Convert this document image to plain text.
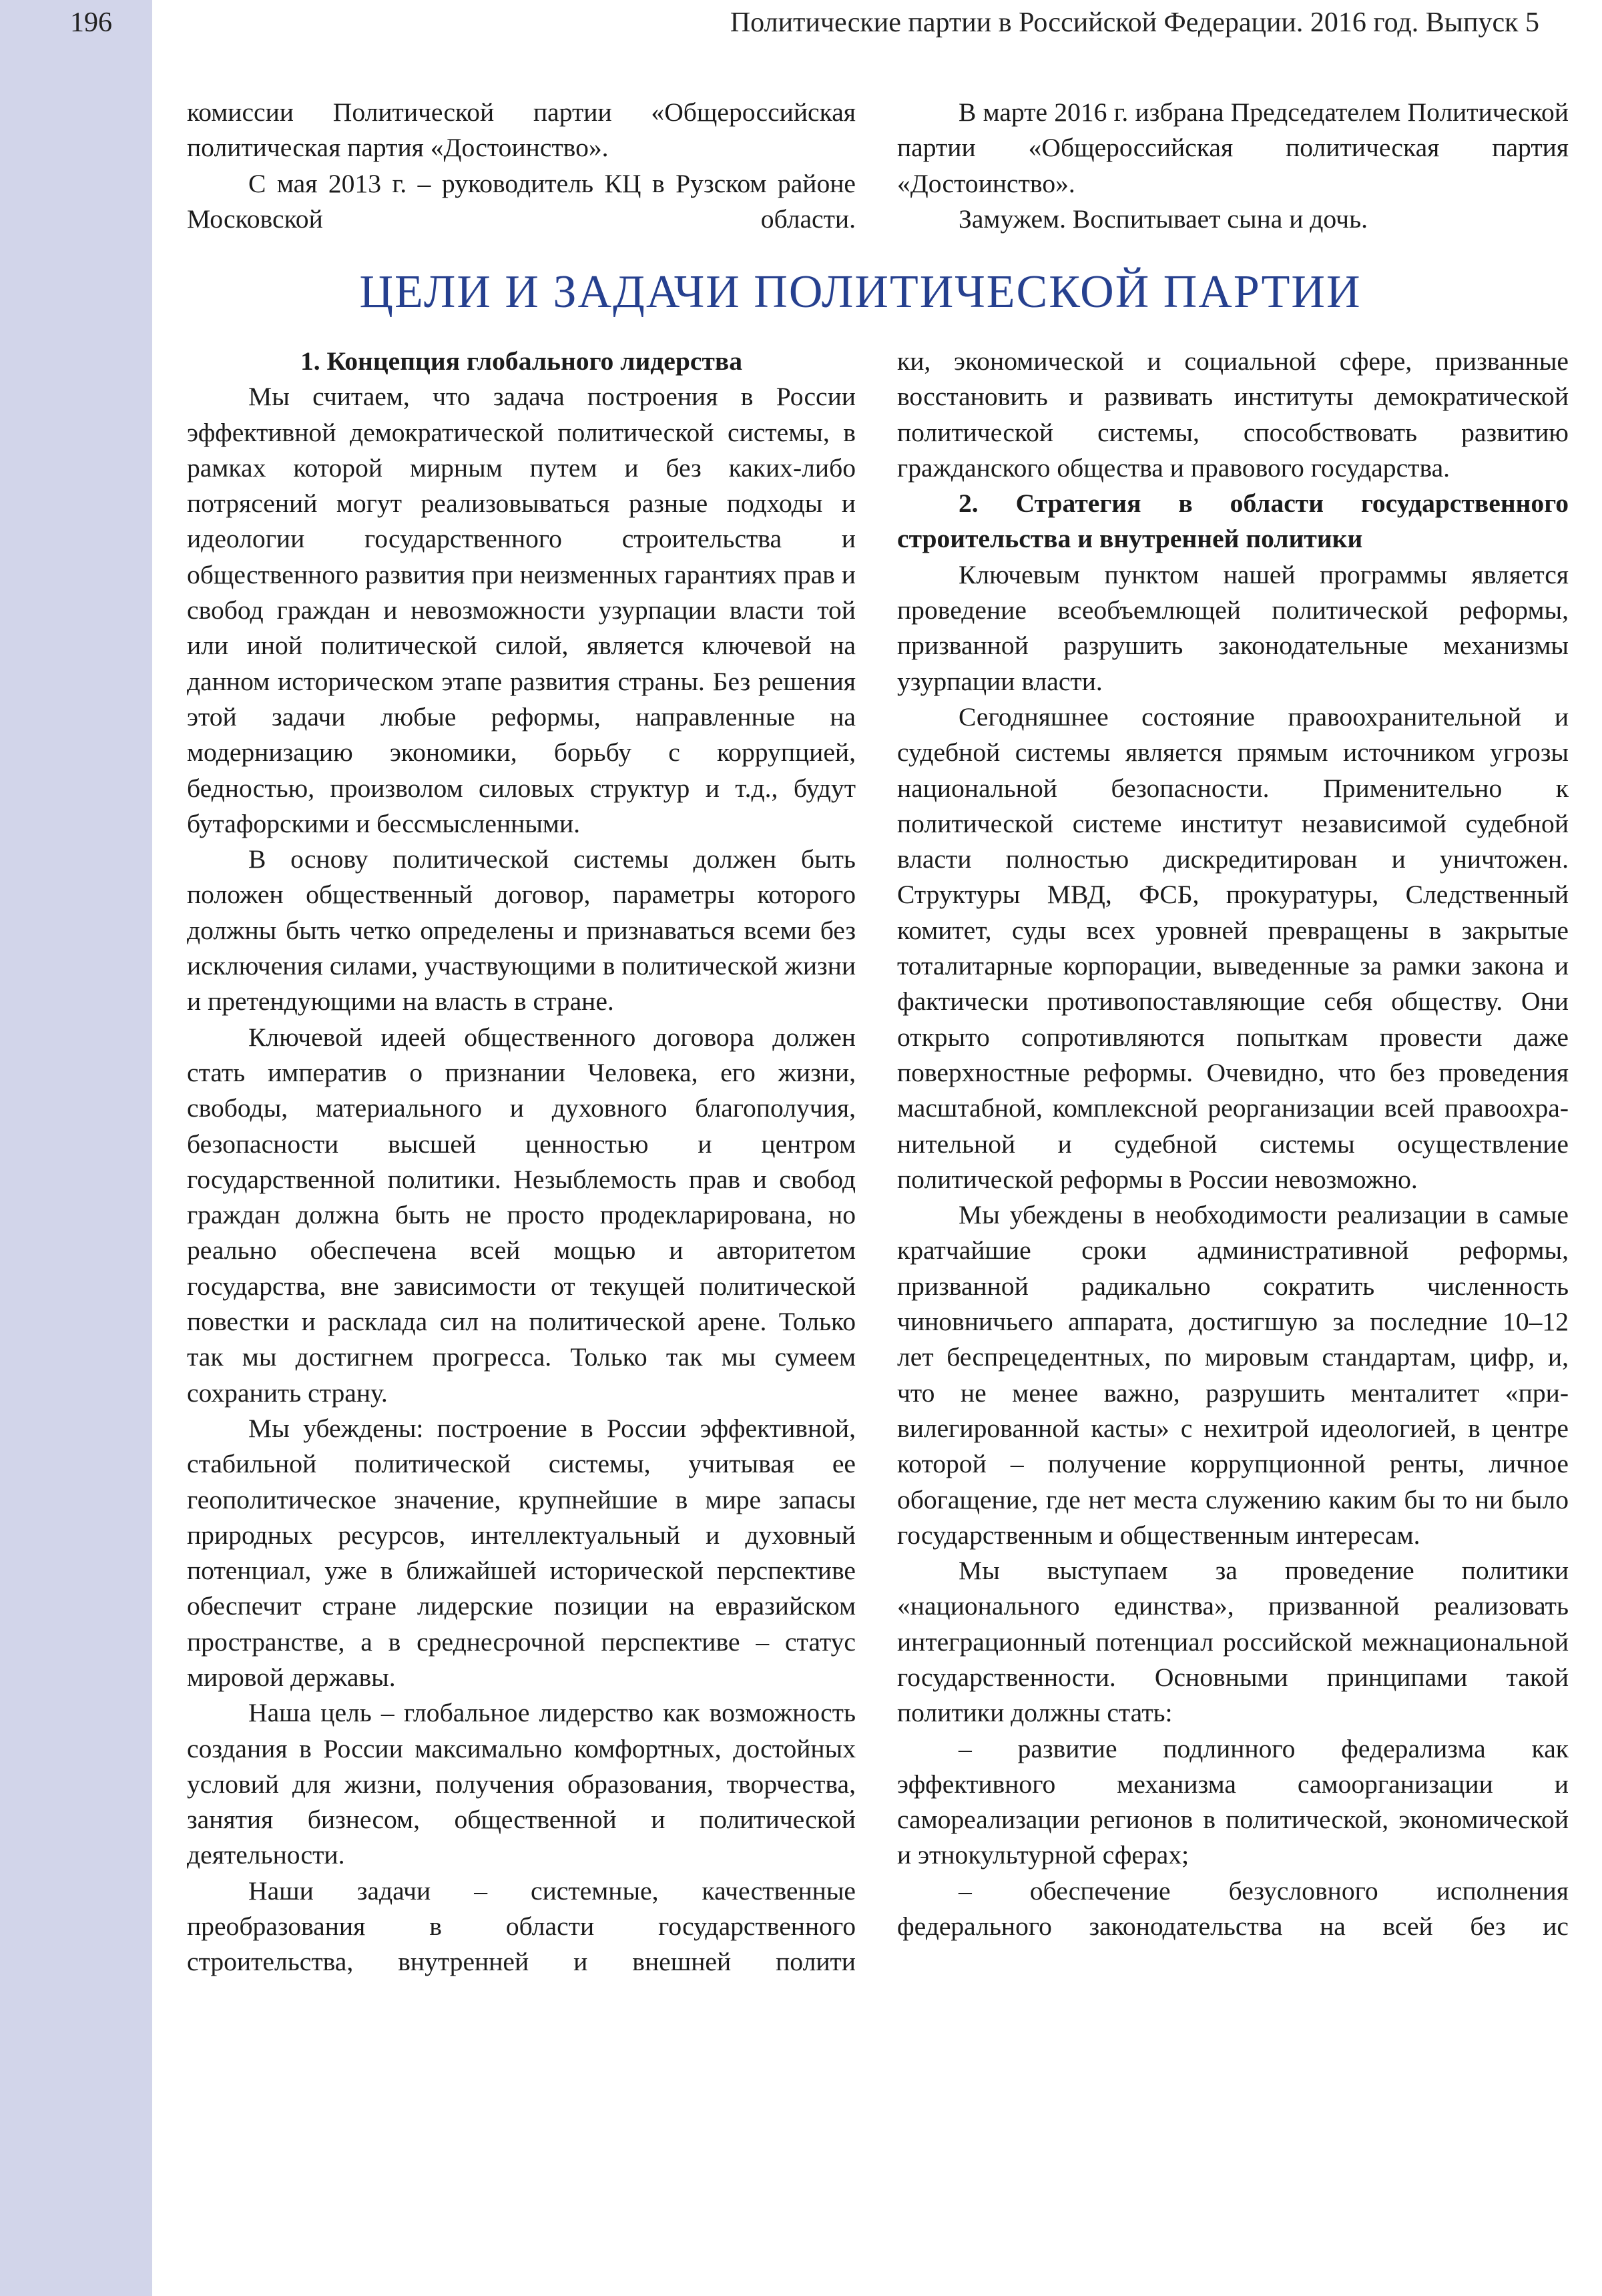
196	Политические партии в Российской Федерации. 2016 год. Выпуск 5

комиссии Политической партии «Общероссийская политическая партия «Достоинство».

С мая 2013 г. – руководитель КЦ в Рузском районе Московской области.

В марте 2016 г. избрана Председателем Политической партии «Общероссийская политическая партия «Достоинство».

Замужем. Воспитывает сына и дочь.

ЦЕЛИ И ЗАДАЧИ ПОЛИТИЧЕСКОЙ ПАРТИИ
1. Концепция глобального лидерства

Мы считаем, что задача построения в России эффективной демократической политической системы, в рамках которой мирным путем и без каких-либо потрясений могут реализовываться разные подходы и идеологии государственного строительства и общественного развития при неизменных гарантиях прав и свобод граждан и невозможности узурпации власти той или иной политической силой, является ключевой на данном историческом этапе развития страны. Без решения этой задачи любые реформы, направленные на модернизацию экономики, борьбу с коррупцией, бедностью, произволом силовых структур и т.д., будут бутафорскими и бессмысленными.

В основу политической системы должен быть положен общественный договор, параметры которого должны быть четко определены и признаваться всеми без исключения силами, участвующими в политической жизни и претендующими на власть в стране.

Ключевой идеей общественного договора должен стать императив о признании Человека, его жизни, свободы, материального и духовного благополучия, безопасности высшей ценностью и центром государственной политики. Незыблемость прав и свобод граждан должна быть не просто продекларирована, но реально обеспечена всей мощью и авторитетом государства, вне зависимости от текущей политической повестки и расклада сил на политической арене. Только так мы достигнем прогресса. Только так мы сумеем сохранить страну.

Мы убеждены: построение в России эффективной, стабильной политической системы, учитывая ее геополитическое значение, крупнейшие в мире запасы природных ресурсов, интеллектуальный и духовный потенциал, уже в ближайшей исторической перспективе обеспечит стране лидерские позиции на евразийском пространстве, а в среднесрочной перспективе – статус мировой державы.

Наша цель – глобальное лидерство как возможность создания в России максимально комфортных, достойных условий для жизни, получения образования, творчества, занятия бизнесом, общественной и политической деятельности.

Наши задачи – системные, качественные преобразования в области государственного строительства, внутренней и внешней полити

ки, экономической и социальной сфере, призванные восстановить и развивать институты демократической политической системы, способствовать развитию гражданского общества и правового государства.

2. Стратегия в области государственного строительства и внутренней политики

Ключевым пунктом нашей программы является проведение всеобъемлющей политической реформы, призванной разрушить законодательные механизмы узурпации власти.

Сегодняшнее состояние правоохранительной и судебной системы является прямым источником угрозы национальной безопасности. Применительно к политической системе институт независимой судебной власти полностью дискредитирован и уничтожен. Структуры МВД, ФСБ, прокуратуры, Следственный комитет, суды всех уровней превращены в закрытые тоталитарные корпорации, выведенные за рамки закона и фактически противопоставляющие себя обществу. Они открыто сопротивляются попыткам провести даже поверхностные реформы. Очевидно, что без проведения масштабной, комплексной реорганизации всей правоохранительной и судебной системы осуществление политической реформы в России невозможно.

Мы убеждены в необходимости реализации в самые кратчайшие сроки административной реформы, призванной радикально сократить численность чиновничьего аппарата, достигшую за последние 10–12 лет беспрецедентных, по мировым стандартам, цифр, и, что не менее важно, разрушить менталитет «привилегированной касты» с нехитрой идеологией, в центре которой – получение коррупционной ренты, личное обогащение, где нет места служению каким бы то ни было государственным и общественным интересам.

Мы выступаем за проведение политики «национального единства», призванной реализовать интеграционный потенциал российской межнациональной государственности. Основными принципами такой политики должны стать:

– развитие подлинного федерализма как эффективного механизма самоорганизации и самореализации регионов в политической, экономической и этнокультурной сферах;

– обеспечение безусловного исполнения федерального законодательства на всей без ис
